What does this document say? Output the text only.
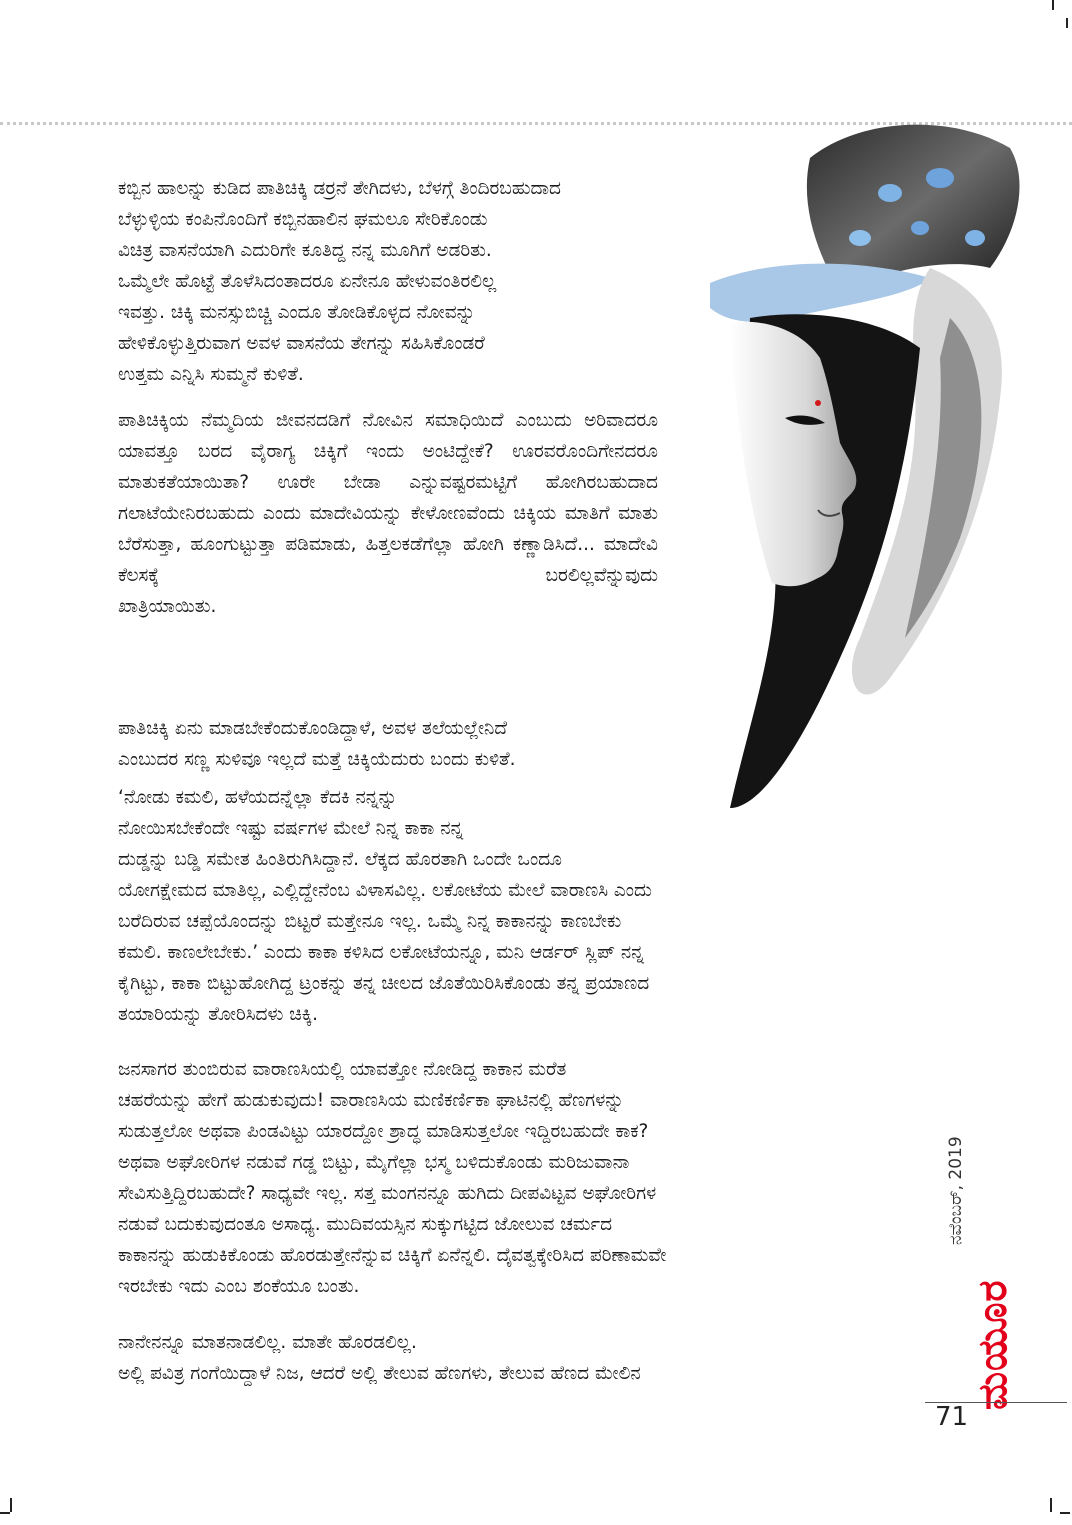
ಕಬ್ಬಿನ ಹಾಲನ್ನು ಕುಡಿದ ಪಾತಿಚಿಕ್ಕಿ ಡರ್ರನೆ ತೇಗಿದಳು, ಬೆಳಗ್ಗೆ ತಿಂದಿರಬಹುದಾದ
ಬೆಳ್ಳುಳ್ಳಿಯ ಕಂಪಿನೊಂದಿಗೆ ಕಬ್ಬಿನಹಾಲಿನ ಘಮಲೂ ಸೇರಿಕೊಂಡು
ವಿಚಿತ್ರ ವಾಸನೆಯಾಗಿ ಎದುರಿಗೇ ಕೂತಿದ್ದ ನನ್ನ ಮೂಗಿಗೆ ಅಡರಿತು.
ಒಮ್ಮೆಲೇ ಹೊಟ್ಟೆ ತೊಳೆಸಿದಂತಾದರೂ ಏನೇನೂ ಹೇಳುವಂತಿರಲಿಲ್ಲ
ಇವತ್ತು. ಚಿಕ್ಕಿ ಮನಸ್ಸುಬಿಚ್ಚಿ ಎಂದೂ ತೋಡಿಕೊಳ್ಳದ ನೋವನ್ನು
ಹೇಳಿಕೊಳ್ಳುತ್ತಿರುವಾಗ ಅವಳ ವಾಸನೆಯ ತೇಗನ್ನು ಸಹಿಸಿಕೊಂಡರೆ
ಉತ್ತಮ ಎನ್ನಿಸಿ ಸುಮ್ಮನೆ ಕುಳಿತೆ.

ಪಾತಿಚಿಕ್ಕಿಯ ನೆಮ್ಮದಿಯ ಜೀವನದಡಿಗೆ ನೋವಿನ ಸಮಾಧಿಯಿದೆ ಎಂಬುದು ಅರಿವಾದರೂ ಯಾವತ್ತೂ ಬರದ ವೈರಾಗ್ಯ ಚಿಕ್ಕಿಗೆ ಇಂದು ಅಂಟಿದ್ದೇಕೆ? ಊರವರೊಂದಿಗೇನದರೂ ಮಾತುಕತೆಯಾಯಿತಾ? ಊರೇ ಬೇಡಾ ಎನ್ನುವಷ್ಟರಮಟ್ಟಿಗೆ ಹೋಗಿರಬಹುದಾದ ಗಲಾಟೆಯೇನಿರಬಹುದು ಎಂದು ಮಾದೇವಿಯನ್ನು ಕೇಳೋಣವೆಂದು ಚಿಕ್ಕಿಯ ಮಾತಿಗೆ ಮಾತು ಬೆರೆಸುತ್ತಾ, ಹೂಂಗುಟ್ಟುತ್ತಾ ಪಡಿಮಾಡು, ಹಿತ್ತಲಕಡೆಗೆಲ್ಲಾ ಹೋಗಿ ಕಣ್ಣಾಡಿಸಿದೆ... ಮಾದೇವಿ ಕೆಲಸಕ್ಕೆ ಬರಲಿಲ್ಲವೆನ್ನುವುದು
ಖಾತ್ರಿಯಾಯಿತು.

ಪಾತಿಚಿಕ್ಕಿ ಏನು ಮಾಡಬೇಕೆಂದುಕೊಂಡಿದ್ದಾಳೆ, ಅವಳ ತಲೆಯಲ್ಲೇನಿದೆ
ಎಂಬುದರ ಸಣ್ಣ ಸುಳಿವೂ ಇಲ್ಲದೆ ಮತ್ತೆ ಚಿಕ್ಕಿಯೆದುರು ಬಂದು ಕುಳಿತೆ.

‘ನೋಡು ಕಮಲಿ, ಹಳೆಯದನ್ನೆಲ್ಲಾ ಕೆದಕಿ ನನ್ನನ್ನು
ನೋಯಿಸಬೇಕೆಂದೇ ಇಷ್ಟು ವರ್ಷಗಳ ಮೇಲೆ ನಿನ್ನ ಕಾಕಾ ನನ್ನ
ದುಡ್ಡನ್ನು ಬಡ್ಡಿ ಸಮೇತ ಹಿಂತಿರುಗಿಸಿದ್ದಾನೆ. ಲೆಕ್ಕದ ಹೊರತಾಗಿ ಒಂದೇ ಒಂದೂ
ಯೋಗಕ್ಷೇಮದ ಮಾತಿಲ್ಲ, ಎಲ್ಲಿದ್ದೇನೆಂಬ ವಿಳಾಸವಿಲ್ಲ. ಲಕೋಟೆಯ ಮೇಲೆ ವಾರಾಣಸಿ ಎಂದು
ಬರೆದಿರುವ ಚಪ್ಪೆಯೊಂದನ್ನು ಬಿಟ್ಟರೆ ಮತ್ತೇನೂ ಇಲ್ಲ. ಒಮ್ಮೆ ನಿನ್ನ ಕಾಕಾನನ್ನು ಕಾಣಬೇಕು
ಕಮಲಿ. ಕಾಣಲೇಬೇಕು.’ ಎಂದು ಕಾಕಾ ಕಳಿಸಿದ ಲಕೋಟೆಯನ್ನೂ, ಮನಿ ಆರ್ಡರ್ ಸ್ಲಿಪ್ ನನ್ನ
ಕೈಗಿಟ್ಟು, ಕಾಕಾ ಬಿಟ್ಟುಹೋಗಿದ್ದ ಟ್ರಂಕನ್ನು ತನ್ನ ಚೀಲದ ಜೊತೆಯಿರಿಸಿಕೊಂಡು ತನ್ನ ಪ್ರಯಾಣದ
ತಯಾರಿಯನ್ನು ತೋರಿಸಿದಳು ಚಿಕ್ಕಿ.

ಜನಸಾಗರ ತುಂಬಿರುವ ವಾರಾಣಸಿಯಲ್ಲಿ ಯಾವತ್ತೋ ನೋಡಿದ್ದ ಕಾಕಾನ ಮರೆತ
ಚಹರೆಯನ್ನು ಹೇಗೆ ಹುಡುಕುವುದು! ವಾರಾಣಸಿಯ ಮಣಿಕರ್ಣಿಕಾ ಘಾಟಿನಲ್ಲಿ ಹೆಣಗಳನ್ನು
ಸುಡುತ್ತಲೋ ಅಥವಾ ಪಿಂಡವಿಟ್ಟು ಯಾರದ್ದೋ ಶ್ರಾದ್ಧ ಮಾಡಿಸುತ್ತಲೋ ಇದ್ದಿರಬಹುದೇ ಕಾಕ?
ಅಥವಾ ಅಘೋರಿಗಳ ನಡುವೆ ಗಡ್ಡ ಬಿಟ್ಟು, ಮೈಗೆಲ್ಲಾ ಭಸ್ಮ ಬಳಿದುಕೊಂಡು ಮರಿಜುವಾನಾ
ಸೇವಿಸುತ್ತಿದ್ದಿರಬಹುದೇ? ಸಾಧ್ಯವೇ ಇಲ್ಲ. ಸತ್ತ ಮಂಗನನ್ನೂ ಹುಗಿದು ದೀಪವಿಟ್ಟವ ಅಘೋರಿಗಳ
ನಡುವೆ ಬದುಕುವುದಂತೂ ಅಸಾಧ್ಯ. ಮುದಿವಯಸ್ಸಿನ ಸುಕ್ಕುಗಟ್ಟಿದ ಜೋಲುವ ಚರ್ಮದ
ಕಾಕಾನನ್ನು ಹುಡುಕಿಕೊಂಡು ಹೊರಡುತ್ತೇನೆನ್ನುವ ಚಿಕ್ಕಿಗೆ ಏನೆನ್ನಲಿ. ದೈವತ್ವಕ್ಕೇರಿಸಿದ ಪರಿಣಾಮವೇ
ಇರಬೇಕು ಇದು ಎಂಬ ಶಂಕೆಯೂ ಬಂತು.

ನಾನೇನನ್ನೂ ಮಾತನಾಡಲಿಲ್ಲ. ಮಾತೇ ಹೊರಡಲಿಲ್ಲ.

ಅಲ್ಲಿ ಪವಿತ್ರ ಗಂಗೆಯಿದ್ದಾಳೆ ನಿಜ, ಆದರೆ ಅಲ್ಲಿ ತೇಲುವ ಹೆಣಗಳು, ತೇಲುವ ಹೆಣದ ಮೇಲಿನ

ನವೆಂಬರ್, 2019
ಮಯೂರ
71
